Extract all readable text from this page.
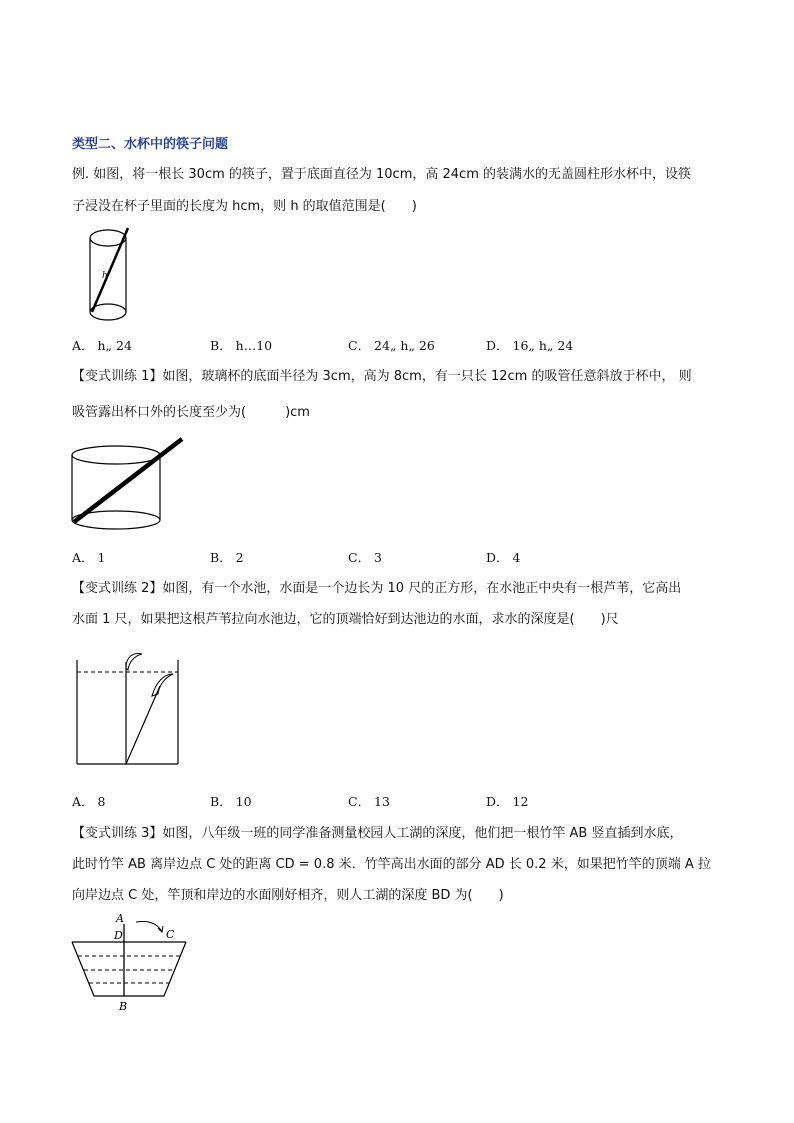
类型二、水杯中的筷子问题
例. 如图，将一根长 30cm 的筷子，置于底面直径为 10cm，高 24cm 的装满水的无盖圆柱形水杯中，设筷
子浸没在杯子里面的长度为 hcm，则 h 的取值范围是(　　)
h
A． h„ 24	B． h…10	C． 24„ h„ 26	D． 16„ h„ 24
【变式训练 1】如图，玻璃杯的底面半径为 3cm，高为 8cm，有一只长 12cm 的吸管任意斜放于杯中， 则
吸管露出杯口外的长度至少为(　　　)cm
A． 1	B． 2	C． 3	D． 4
【变式训练 2】如图，有一个水池，水面是一个边长为 10 尺的正方形，在水池正中央有一根芦苇，它高出
水面 1 尺，如果把这根芦苇拉向水池边，它的顶端恰好到达池边的水面，求水的深度是(　　)尺
A． 8	B． 10	C． 13	D． 12
【变式训练 3】如图，八年级一班的同学准备测量校园人工湖的深度，他们把一根竹竿 AB 竖直插到水底，
此时竹竿 AB 离岸边点 C 处的距离 CD = 0.8 米．竹竿高出水面的部分 AD 长 0.2 米，如果把竹竿的顶端 A 拉
向岸边点 C 处，竿顶和岸边的水面刚好相齐，则人工湖的深度 BD 为(　　)
A
D	C
B
